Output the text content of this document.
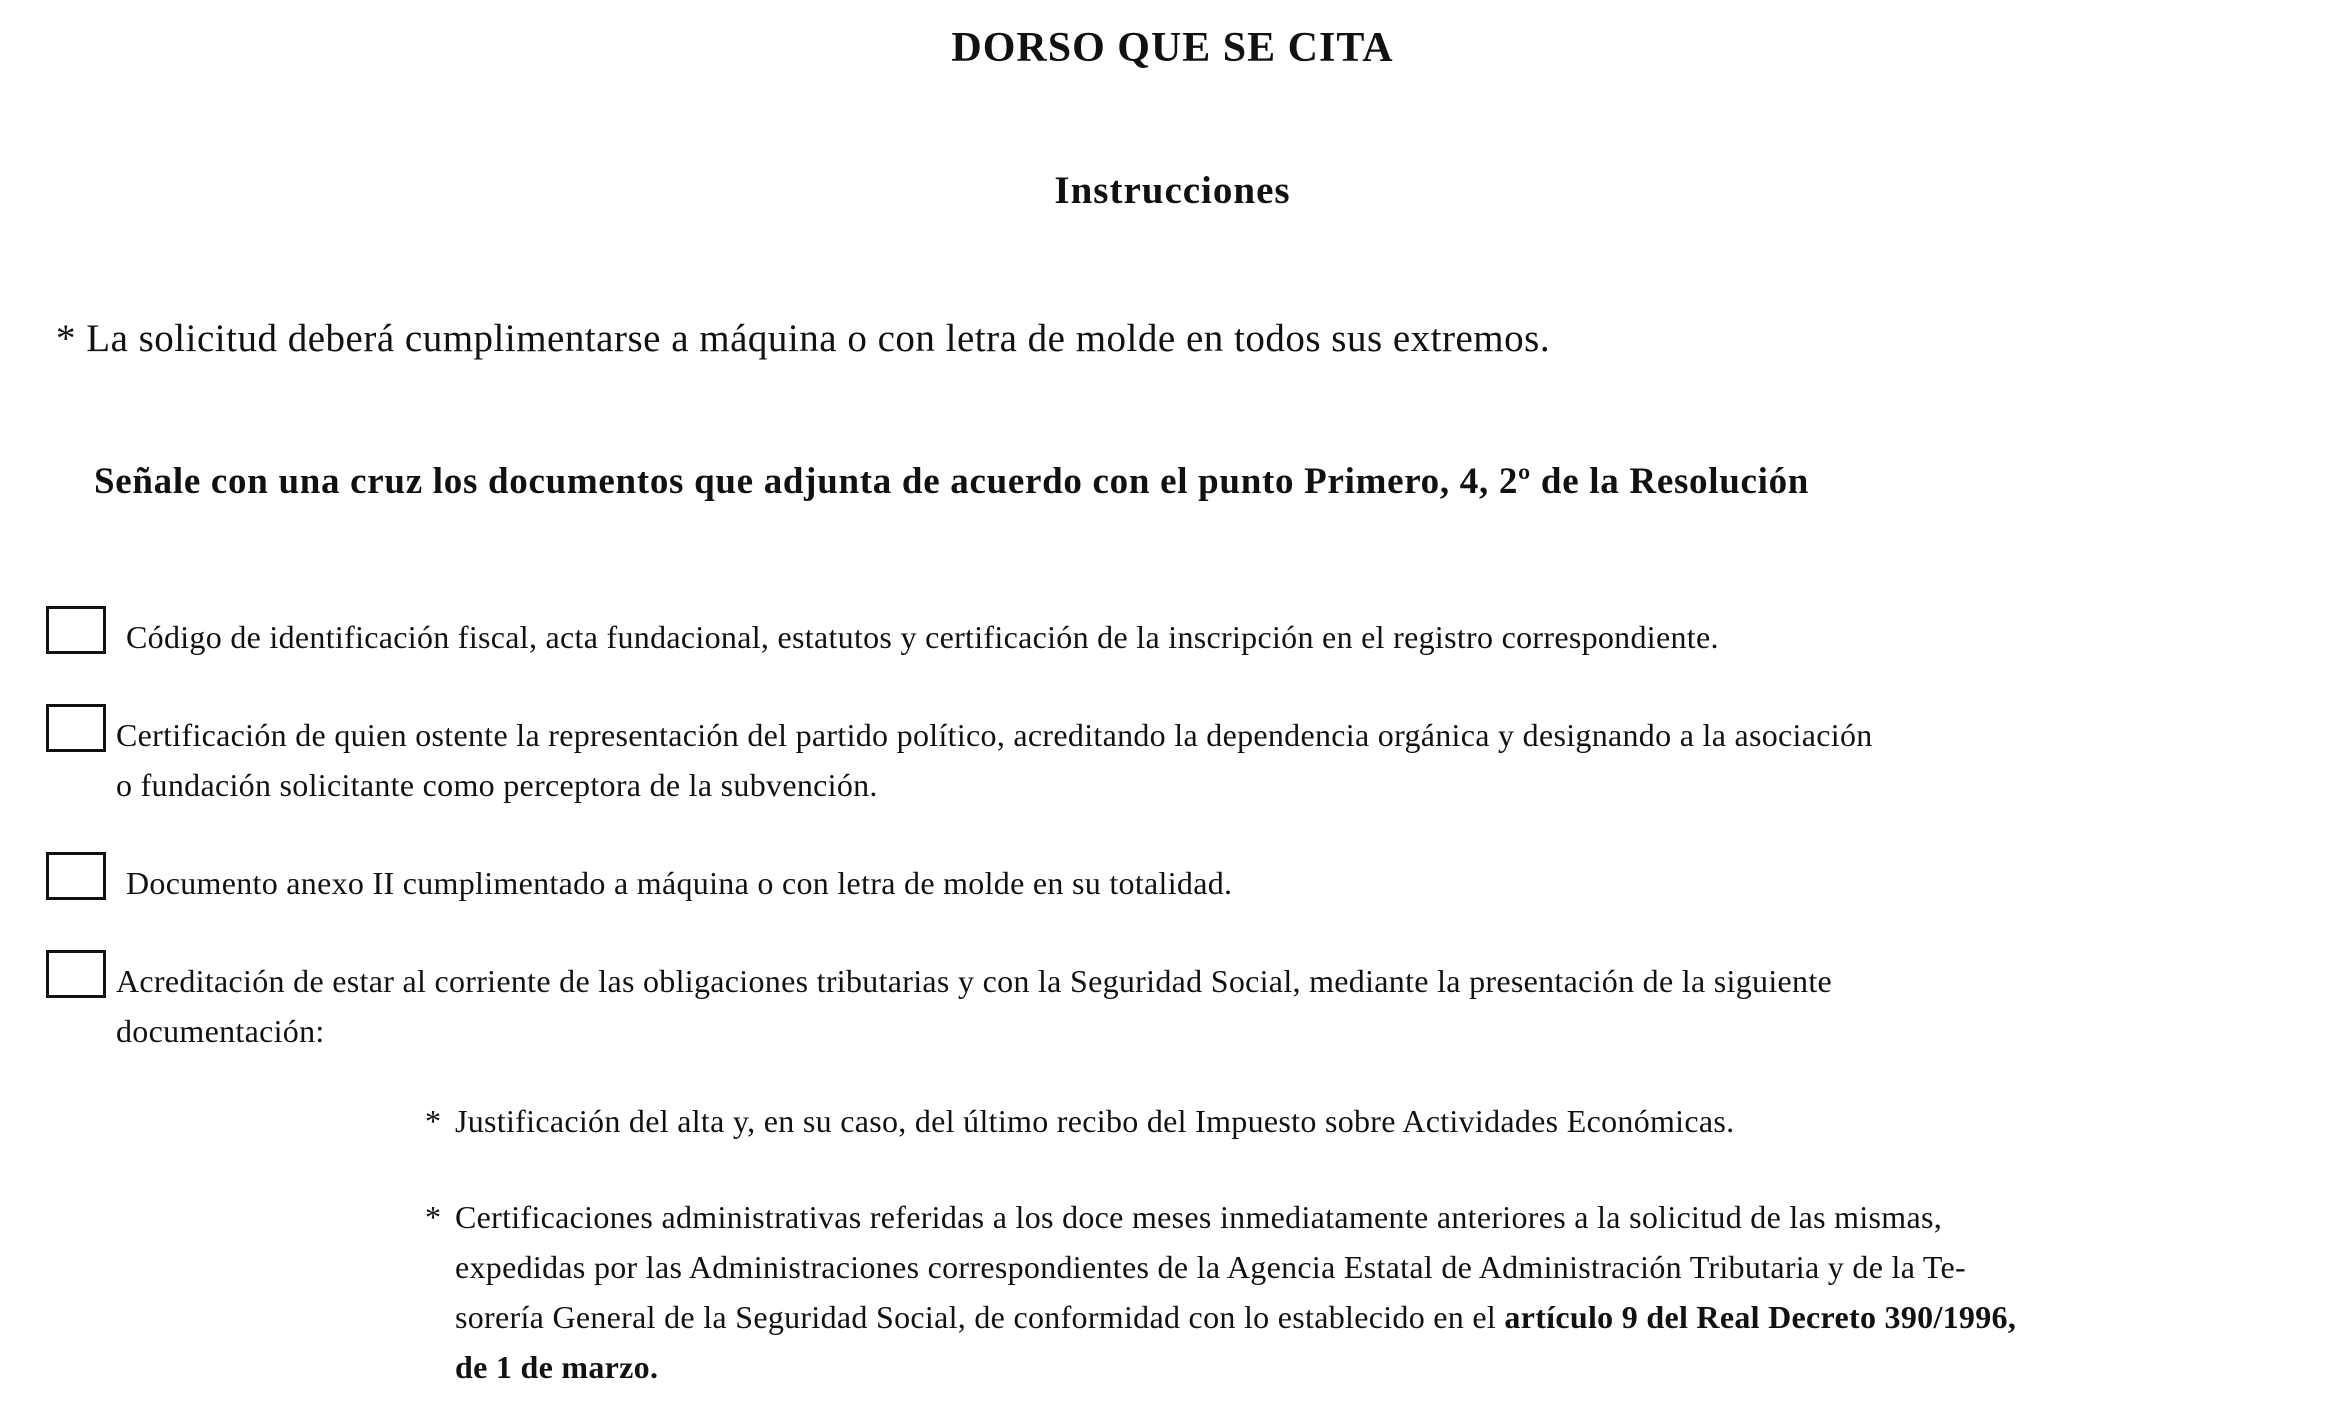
DORSO QUE SE CITA
Instrucciones
* La solicitud deberá cumplimentarse a máquina o con letra de molde en todos sus extremos.
Señale con una cruz los documentos que adjunta de acuerdo con el punto Primero, 4, 2º de la Resolución
Código de identificación fiscal, acta fundacional, estatutos y certificación de la inscripción en el registro correspondiente.
Certificación de quien ostente la representación del partido político, acreditando la dependencia orgánica y designando a la asociación
o fundación solicitante como perceptora de la subvención.
Documento anexo II cumplimentado a máquina o con letra de molde en su totalidad.
Acreditación de estar al corriente de las obligaciones tributarias y con la Seguridad Social, mediante la presentación de la siguiente
documentación:
* Justificación del alta y, en su caso, del último recibo del Impuesto sobre Actividades Económicas.
* Certificaciones administrativas referidas a los doce meses inmediatamente anteriores a la solicitud de las mismas,
expedidas por las Administraciones correspondientes de la Agencia Estatal de Administración Tributaria y de la Te-
sorería General de la Seguridad Social, de conformidad con lo establecido en el artículo 9 del Real Decreto 390/1996,
de 1 de marzo.
